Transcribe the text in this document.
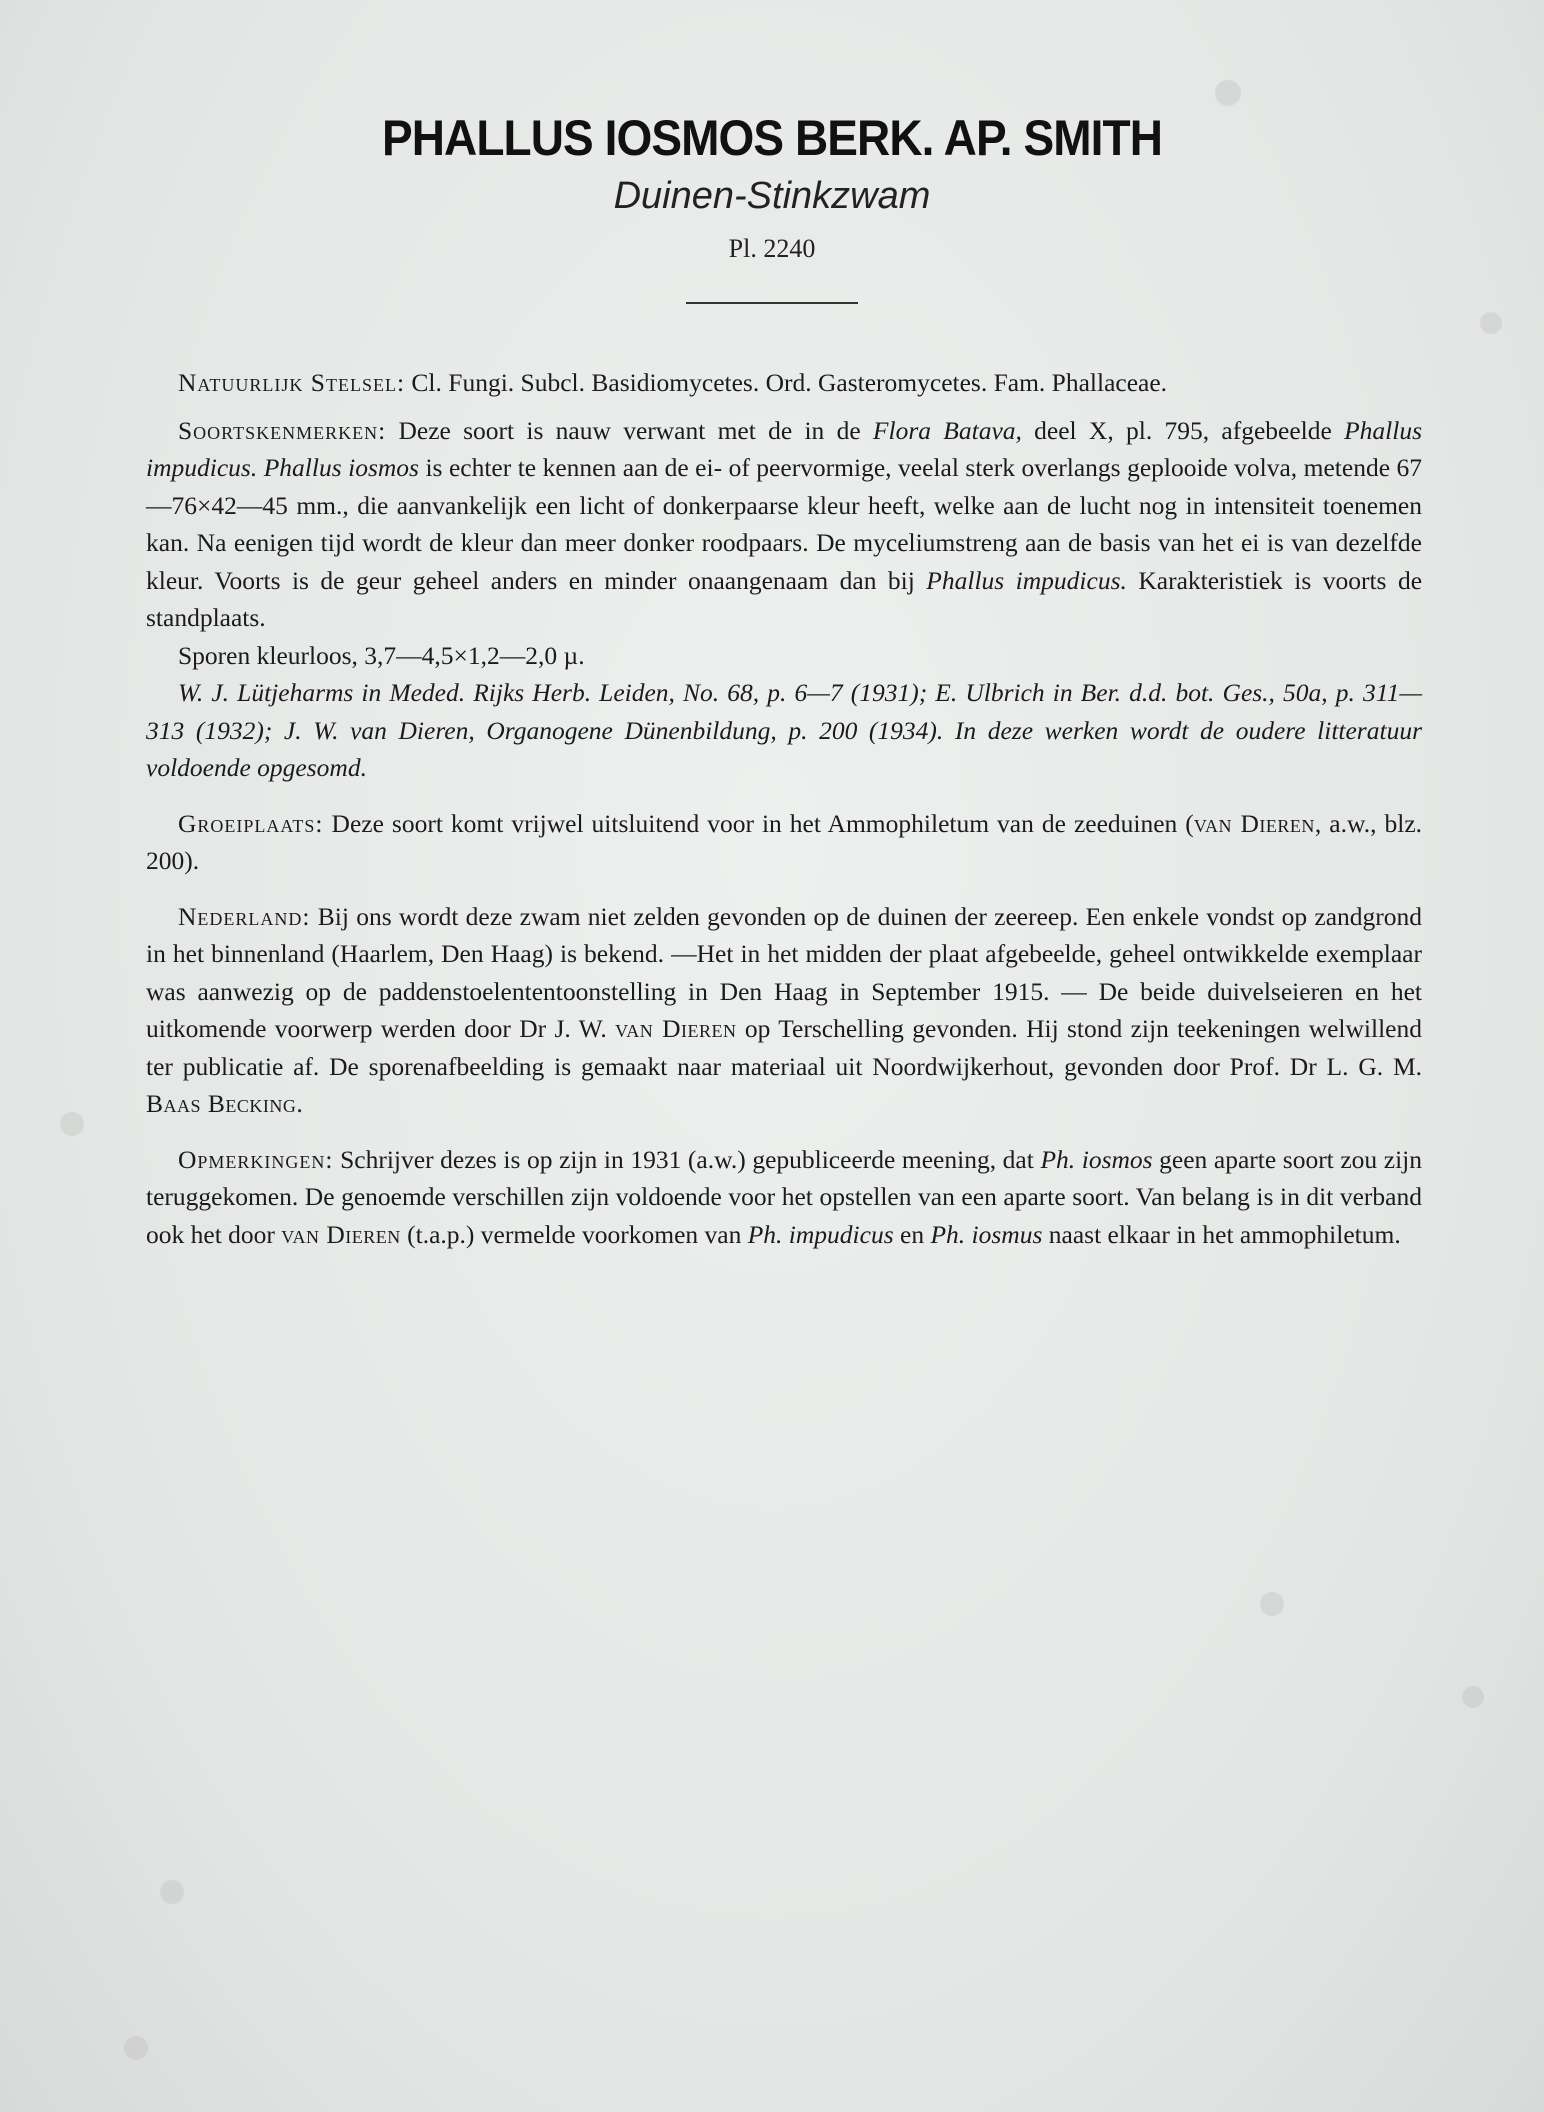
PHALLUS IOSMOS BERK. AP. SMITH
Duinen-Stinkzwam
Pl. 2240

Natuurlijk Stelsel: Cl. Fungi. Subcl. Basidiomycetes. Ord. Gasteromycetes. Fam. Phallaceae.

Soortskenmerken: Deze soort is nauw verwant met de in de Flora Batava, deel X, pl. 795, afgebeelde Phallus impudicus. Phallus iosmos is echter te kennen aan de ei- of peervormige, veelal sterk overlangs geplooide volva, metende 67—76×42—45 mm., die aanvankelijk een licht of donkerpaarse kleur heeft, welke aan de lucht nog in intensiteit toenemen kan. Na eenigen tijd wordt de kleur dan meer donker roodpaars. De myceliumstreng aan de basis van het ei is van dezelfde kleur. Voorts is de geur geheel anders en minder onaangenaam dan bij Phallus impudicus. Karakteristiek is voorts de standplaats.

Sporen kleurloos, 3,7—4,5×1,2—2,0 µ.

W. J. Lütjeharms in Meded. Rijks Herb. Leiden, No. 68, p. 6—7 (1931); E. Ulbrich in Ber. d.d. bot. Ges., 50a, p. 311—313 (1932); J. W. van Dieren, Organogene Dünenbildung, p. 200 (1934). In deze werken wordt de oudere litteratuur voldoende opgesomd.

Groeiplaats: Deze soort komt vrijwel uitsluitend voor in het Ammophiletum van de zeeduinen (van Dieren, a.w., blz. 200).

Nederland: Bij ons wordt deze zwam niet zelden gevonden op de duinen der zeereep. Een enkele vondst op zandgrond in het binnenland (Haarlem, Den Haag) is bekend. —Het in het midden der plaat afgebeelde, geheel ontwikkelde exemplaar was aanwezig op de paddenstoelententoonstelling in Den Haag in September 1915. — De beide duivelseieren en het uitkomende voorwerp werden door Dr J. W. van Dieren op Terschelling gevonden. Hij stond zijn teekeningen welwillend ter publicatie af. De sporenafbeelding is gemaakt naar materiaal uit Noordwijkerhout, gevonden door Prof. Dr L. G. M. Baas Becking.

Opmerkingen: Schrijver dezes is op zijn in 1931 (a.w.) gepubliceerde meening, dat Ph. iosmos geen aparte soort zou zijn teruggekomen. De genoemde verschillen zijn voldoende voor het opstellen van een aparte soort. Van belang is in dit verband ook het door van Dieren (t.a.p.) vermelde voorkomen van Ph. impudicus en Ph. iosmus naast elkaar in het ammophiletum.
